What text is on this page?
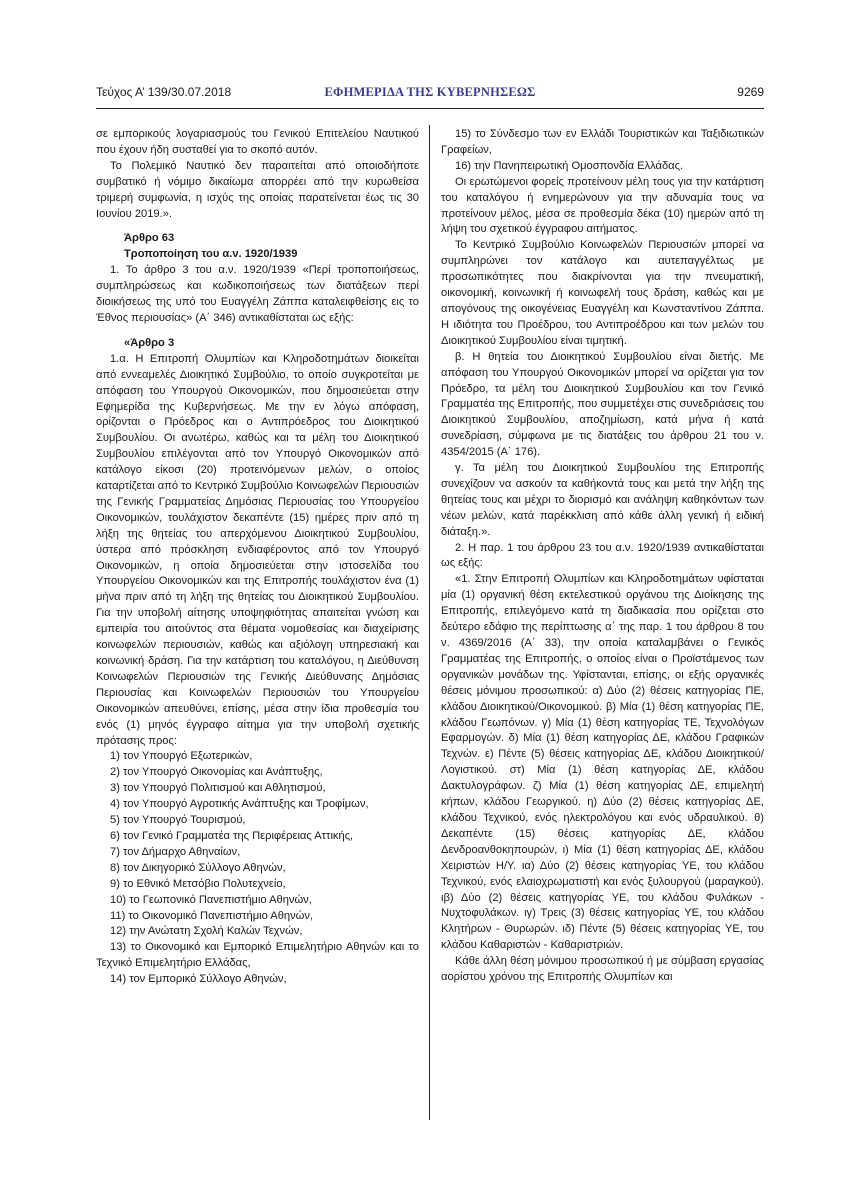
Τεύχος Α’ 139/30.07.2018	ΕΦΗΜΕΡΙΔΑ ΤΗΣ ΚΥΒΕΡΝΗΣΕΩΣ	9269

σε εμπορικούς λογαριασμούς του Γενικού Επιτελείου Ναυτικού που έχουν ήδη συσταθεί για το σκοπό αυτόν.

Το Πολεμικό Ναυτικό δεν παραιτείται από οποιοδήποτε συμβατικό ή νόμιμο δικαίωμα απορρέει από την κυρωθείσα τριμερή συμφωνία, η ισχύς της οποίας παρατείνεται έως τις 30 Ιουνίου 2019.».

Άρθρο 63

Τροποποίηση του α.ν. 1920/1939

1. Το άρθρο 3 του α.ν. 1920/1939 «Περί τροποποιήσεως, συμπληρώσεως και κωδικοποιήσεως των διατάξεων περί διοικήσεως της υπό του Ευαγγέλη Ζάππα καταλειφθείσης εις το Έθνος περιουσίας» (Α΄ 346) αντικαθίσταται ως εξής:

«Άρθρο 3

1.α. Η Επιτροπή Ολυμπίων και Κληροδοτημάτων διοικείται από εννεαμελές Διοικητικό Συμβούλιο, το οποίο συγκροτείται με απόφαση του Υπουργού Οικονομικών, που δημοσιεύεται στην Εφημερίδα της Κυβερνήσεως. Με την εν λόγω απόφαση, ορίζονται ο Πρόεδρος και ο Αντιπρόεδρος του Διοικητικού Συμβουλίου. Οι ανωτέρω, καθώς και τα μέλη του Διοικητικού Συμβουλίου επιλέγονται από τον Υπουργό Οικονομικών από κατάλογο είκοσι (20) προτεινόμενων μελών, ο οποίος καταρτίζεται από το Κεντρικό Συμβούλιο Κοινωφελών Περιουσιών της Γενικής Γραμματείας Δημόσιας Περιουσίας του Υπουργείου Οικονομικών, τουλάχιστον δεκαπέντε (15) ημέρες πριν από τη λήξη της θητείας του απερχόμενου Διοικητικού Συμβουλίου, ύστερα από πρόσκληση ενδιαφέροντος από τον Υπουργό Οικονομικών, η οποία δημοσιεύεται στην ιστοσελίδα του Υπουργείου Οικονομικών και της Επιτροπής τουλάχιστον ένα (1) μήνα πριν από τη λήξη της θητείας του Διοικητικού Συμβουλίου. Για την υποβολή αίτησης υποψηφιότητας απαιτείται γνώση και εμπειρία του αιτούντος στα θέματα νομοθεσίας και διαχείρισης κοινωφελών περιουσιών, καθώς και αξιόλογη υπηρεσιακή και κοινωνική δράση. Για την κατάρτιση του καταλόγου, η Διεύθυνση Κοινωφελών Περιουσιών της Γενικής Διεύθυνσης Δημόσιας Περιουσίας και Κοινωφελών Περιουσιών του Υπουργείου Οικονομικών απευθύνει, επίσης, μέσα στην ίδια προθεσμία του ενός (1) μηνός έγγραφο αίτημα για την υποβολή σχετικής πρότασης προς:

1) τον Υπουργό Εξωτερικών,

2) τον Υπουργό Οικονομίας και Ανάπτυξης,

3) τον Υπουργό Πολιτισμού και Αθλητισμού,

4) τον Υπουργό Αγροτικής Ανάπτυξης και Τροφίμων,

5) τον Υπουργό Τουρισμού,

6) τον Γενικό Γραμματέα της Περιφέρειας Αττικής,

7) τον Δήμαρχο Αθηναίων,

8) τον Δικηγορικό Σύλλογο Αθηνών,

9) το Εθνικό Μετσόβιο Πολυτεχνείο,

10) το Γεωπονικό Πανεπιστήμιο Αθηνών,

11) το Οικονομικό Πανεπιστήμιο Αθηνών,

12) την Ανώτατη Σχολή Καλών Τεχνών,

13) το Οικονομικό και Εμπορικό Επιμελητήριο Αθηνών και το Τεχνικό Επιμελητήριο Ελλάδας,

14) τον Εμπορικό Σύλλογο Αθηνών,

15) το Σύνδεσμο των εν Ελλάδι Τουριστικών και Ταξιδιωτικών Γραφείων,

16) την Πανηπειρωτική Ομοσπονδία Ελλάδας.

Οι ερωτώμενοι φορείς προτείνουν μέλη τους για την κατάρτιση του καταλόγου ή ενημερώνουν για την αδυναμία τους να προτείνουν μέλος, μέσα σε προθεσμία δέκα (10) ημερών από τη λήψη του σχετικού έγγραφου αιτήματος.

Το Κεντρικό Συμβούλιο Κοινωφελών Περιουσιών μπορεί να συμπληρώνει τον κατάλογο και αυτεπαγγέλτως με προσωπικότητες που διακρίνονται για την πνευματική, οικονομική, κοινωνική ή κοινωφελή τους δράση, καθώς και με απογόνους της οικογένειας Ευαγγέλη και Κωνσταντίνου Ζάππα. Η ιδιότητα του Προέδρου, του Αντιπροέδρου και των μελών του Διοικητικού Συμβουλίου είναι τιμητική.

β. Η θητεία του Διοικητικού Συμβουλίου είναι διετής. Με απόφαση του Υπουργού Οικονομικών μπορεί να ορίζεται για τον Πρόεδρο, τα μέλη του Διοικητικού Συμβουλίου και τον Γενικό Γραμματέα της Επιτροπής, που συμμετέχει στις συνεδριάσεις του Διοικητικού Συμβουλίου, αποζημίωση, κατά μήνα ή κατά συνεδρίαση, σύμφωνα με τις διατάξεις του άρθρου 21 του ν. 4354/2015 (Α΄ 176).

γ. Τα μέλη του Διοικητικού Συμβουλίου της Επιτροπής συνεχίζουν να ασκούν τα καθήκοντά τους και μετά την λήξη της θητείας τους και μέχρι το διορισμό και ανάληψη καθηκόντων των νέων μελών, κατά παρέκκλιση από κάθε άλλη γενική ή ειδική διάταξη.».

2. Η παρ. 1 του άρθρου 23 του α.ν. 1920/1939 αντικαθίσταται ως εξής:

«1. Στην Επιτροπή Ολυμπίων και Κληροδοτημάτων υφίσταται μία (1) οργανική θέση εκτελεστικού οργάνου της Διοίκησης της Επιτροπής, επιλεγόμενο κατά τη διαδικασία που ορίζεται στο δεύτερο εδάφιο της περίπτωσης α΄ της παρ. 1 του άρθρου 8 του ν. 4369/2016 (Α΄ 33), την οποία καταλαμβάνει ο Γενικός Γραμματέας της Επιτροπής, ο οποίος είναι ο Προϊστάμενος των οργανικών μονάδων της. Υφίστανται, επίσης, οι εξής οργανικές θέσεις μόνιμου προσωπικού: α) Δύο (2) θέσεις κατηγορίας ΠΕ, κλάδου Διοικητικού/Οικονομικού. β) Μία (1) θέση κατηγορίας ΠΕ, κλάδου Γεωπόνων. γ) Μία (1) θέση κατηγορίας ΤΕ, Τεχνολόγων Εφαρμογών. δ) Μία (1) θέση κατηγορίας ΔΕ, κλάδου Γραφικών Τεχνών. ε) Πέντε (5) θέσεις κατηγορίας ΔΕ, κλάδου Διοικητικού/Λογιστικού. στ) Μία (1) θέση κατηγορίας ΔΕ, κλάδου Δακτυλογράφων. ζ) Μία (1) θέση κατηγορίας ΔΕ, επιμελητή κήπων, κλάδου Γεωργικού. η) Δύο (2) θέσεις κατηγορίας ΔΕ, κλάδου Τεχνικού, ενός ηλεκτρολόγου και ενός υδραυλικού. θ) Δεκαπέντε (15) θέσεις κατηγορίας ΔΕ, κλάδου Δενδροανθοκηπουρών, ι) Μία (1) θέση κατηγορίας ΔΕ, κλάδου Χειριστών Η/Υ. ια) Δύο (2) θέσεις κατηγορίας ΥΕ, του κλάδου Τεχνικού, ενός ελαιοχρωματιστή και ενός ξυλουργού (μαραγκού). ιβ) Δύο (2) θέσεις κατηγορίας ΥΕ, του κλάδου Φυλάκων - Νυχτοφυλάκων. ιγ) Τρεις (3) θέσεις κατηγορίας ΥΕ, του κλάδου Κλητήρων - Θυρωρών. ιδ) Πέντε (5) θέσεις κατηγορίας ΥΕ, του κλάδου Καθαριστών - Καθαριστριών.

Κάθε άλλη θέση μόνιμου προσωπικού ή με σύμβαση εργασίας αορίστου χρόνου της Επιτροπής Ολυμπίων και
